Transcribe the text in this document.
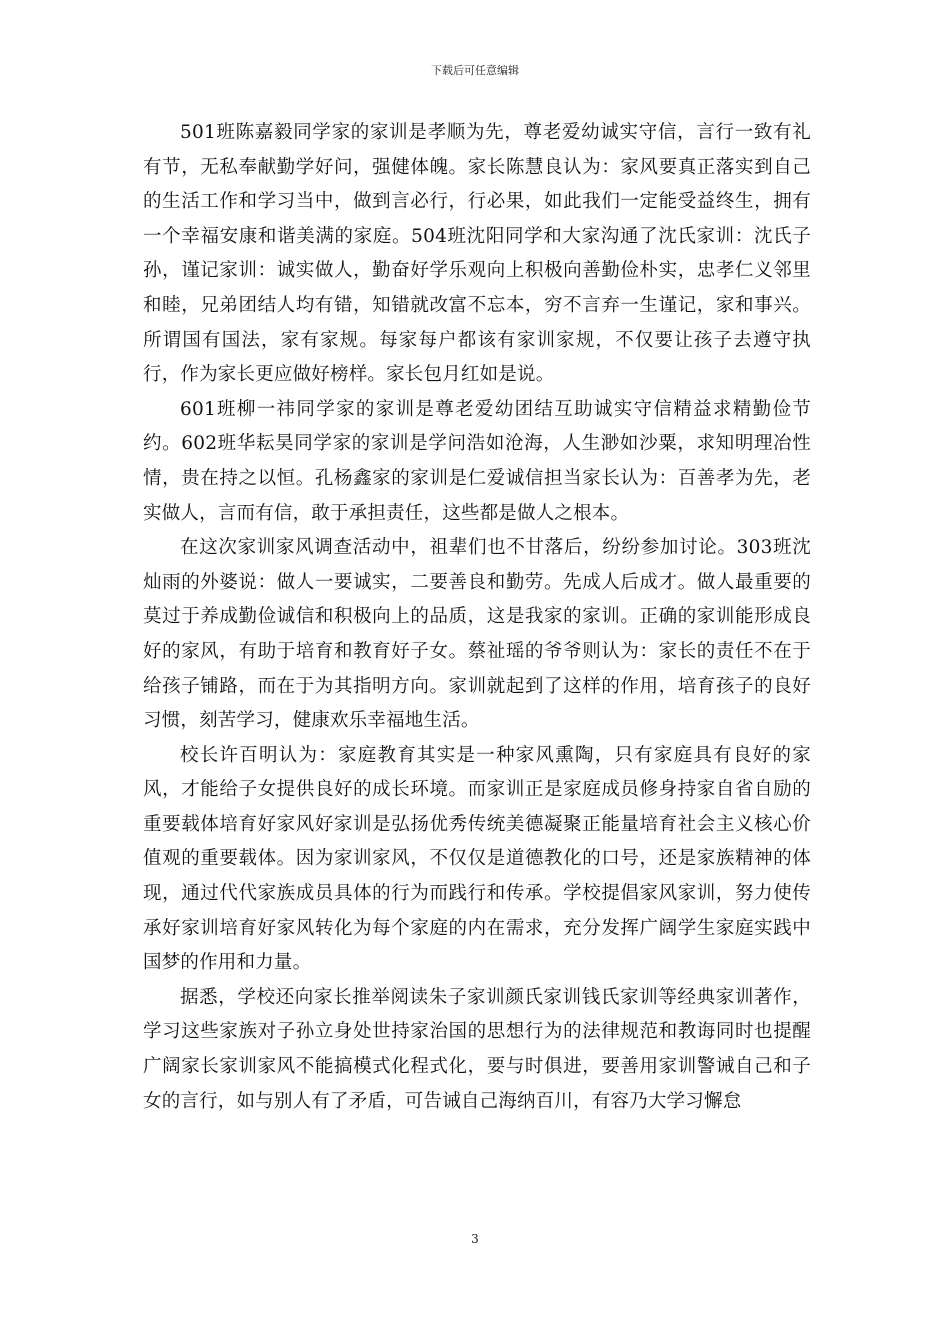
下载后可任意编辑

501班陈嘉毅同学家的家训是孝顺为先，尊老爱幼诚实守信，言行一致有礼有节，无私奉献勤学好问，强健体魄。家长陈慧良认为：家风要真正落实到自己的生活工作和学习当中，做到言必行，行必果，如此我们一定能受益终生，拥有一个幸福安康和谐美满的家庭。504班沈阳同学和大家沟通了沈氏家训：沈氏子孙，谨记家训：诚实做人，勤奋好学乐观向上积极向善勤俭朴实，忠孝仁义邻里和睦，兄弟团结人均有错，知错就改富不忘本，穷不言弃一生谨记，家和事兴。所谓国有国法，家有家规。每家每户都该有家训家规，不仅要让孩子去遵守执行，作为家长更应做好榜样。家长包月红如是说。

601班柳一祎同学家的家训是尊老爱幼团结互助诚实守信精益求精勤俭节约。602班华耘昊同学家的家训是学问浩如沧海，人生渺如沙粟，求知明理冶性情，贵在持之以恒。孔杨鑫家的家训是仁爱诚信担当家长认为：百善孝为先，老实做人，言而有信，敢于承担责任，这些都是做人之根本。

在这次家训家风调查活动中，祖辈们也不甘落后，纷纷参加讨论。303班沈灿雨的外婆说：做人一要诚实，二要善良和勤劳。先成人后成才。做人最重要的莫过于养成勤俭诚信和积极向上的品质，这是我家的家训。正确的家训能形成良好的家风，有助于培育和教育好子女。蔡祉瑶的爷爷则认为：家长的责任不在于给孩子铺路，而在于为其指明方向。家训就起到了这样的作用，培育孩子的良好习惯，刻苦学习，健康欢乐幸福地生活。

校长许百明认为：家庭教育其实是一种家风熏陶，只有家庭具有良好的家风，才能给子女提供良好的成长环境。而家训正是家庭成员修身持家自省自励的重要载体培育好家风好家训是弘扬优秀传统美德凝聚正能量培育社会主义核心价值观的重要载体。因为家训家风，不仅仅是道德教化的口号，还是家族精神的体现，通过代代家族成员具体的行为而践行和传承。学校提倡家风家训，努力使传承好家训培育好家风转化为每个家庭的内在需求，充分发挥广阔学生家庭实践中国梦的作用和力量。

据悉，学校还向家长推举阅读朱子家训颜氏家训钱氏家训等经典家训著作，学习这些家族对子孙立身处世持家治国的思想行为的法律规范和教诲同时也提醒广阔家长家训家风不能搞模式化程式化，要与时俱进，要善用家训警诫自己和子女的言行，如与别人有了矛盾，可告诫自己海纳百川，有容乃大学习懈怠

3
